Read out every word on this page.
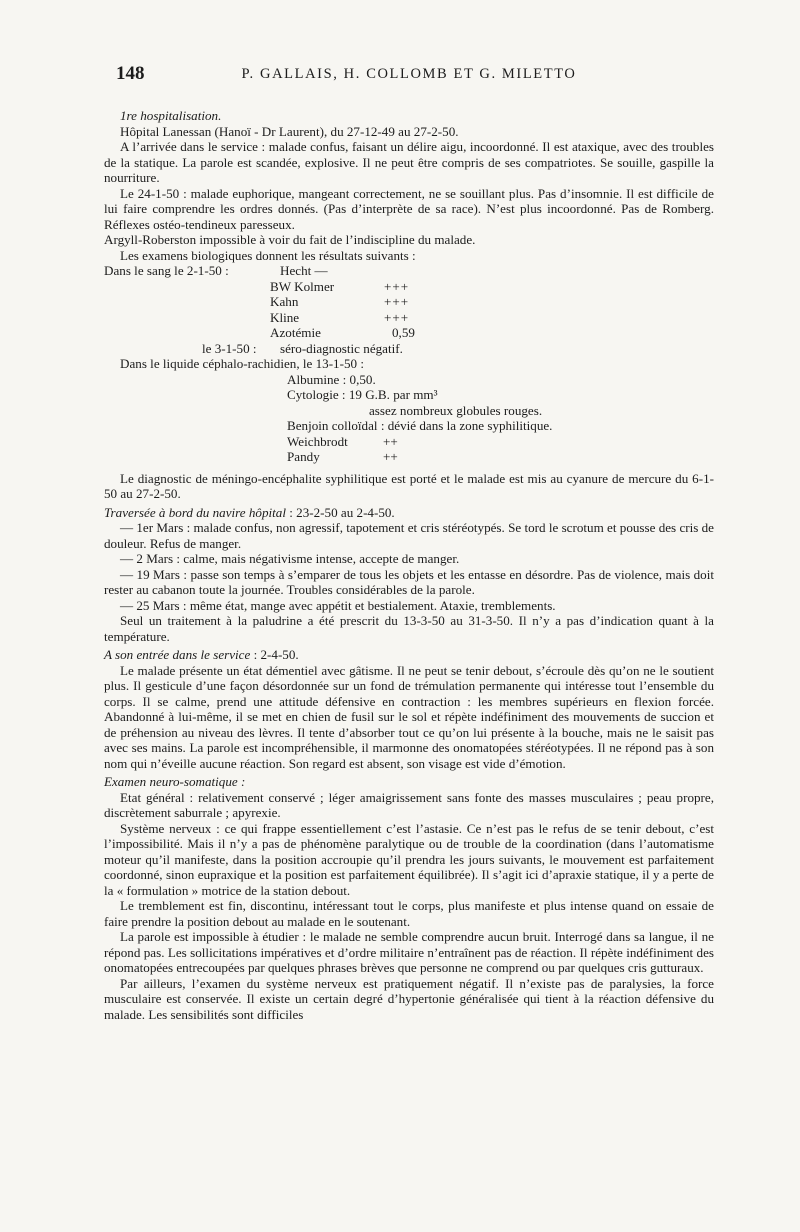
148	P. GALLAIS, H. COLLOMB ET G. MILETTO

1re hospitalisation.

Hôpital Lanessan (Hanoï - Dr Laurent), du 27-12-49 au 27-2-50.

A l’arrivée dans le service : malade confus, faisant un délire aigu, incoordonné. Il est ataxique, avec des troubles de la statique. La parole est scandée, explosive. Il ne peut être compris de ses compatriotes. Se souille, gaspille la nourriture.

Le 24-1-50 : malade euphorique, mangeant correctement, ne se souillant plus. Pas d’insomnie. Il est difficile de lui faire comprendre les ordres donnés. (Pas d’interprète de sa race). N’est plus incoordonné. Pas de Romberg. Réflexes ostéo-tendineux paresseux.

Argyll-Roberston impossible à voir du fait de l’indiscipline du malade.

Les examens biologiques donnent les résultats suivants :

Dans le sang le 2-1-50 :	Hecht —
BW Kolmer	+++
Kahn	+++
Kline	+++
Azotémie	0,59
le 3-1-50 : séro-diagnostic négatif.

Dans le liquide céphalo-rachidien, le 13-1-50 :

Albumine : 0,50.
Cytologie : 19 G.B. par mm³
assez nombreux globules rouges.
Benjoin colloïdal : dévié dans la zone syphilitique.
Weichbrodt	++
Pandy	++

Le diagnostic de méningo-encéphalite syphilitique est porté et le malade est mis au cyanure de mercure du 6-1-50 au 27-2-50.

Traversée à bord du navire hôpital : 23-2-50 au 2-4-50.

— 1er Mars : malade confus, non agressif, tapotement et cris stéréotypés. Se tord le scrotum et pousse des cris de douleur. Refus de manger.

— 2 Mars : calme, mais négativisme intense, accepte de manger.

— 19 Mars : passe son temps à s’emparer de tous les objets et les entasse en désordre. Pas de violence, mais doit rester au cabanon toute la journée. Troubles considérables de la parole.

— 25 Mars : même état, mange avec appétit et bestialement. Ataxie, tremblements.

Seul un traitement à la paludrine a été prescrit du 13-3-50 au 31-3-50. Il n’y a pas d’indication quant à la température.

A son entrée dans le service : 2-4-50.

Le malade présente un état démentiel avec gâtisme. Il ne peut se tenir debout, s’écroule dès qu’on ne le soutient plus. Il gesticule d’une façon désordonnée sur un fond de trémulation permanente qui intéresse tout l’ensemble du corps. Il se calme, prend une attitude défensive en contraction : les membres supérieurs en flexion forcée. Abandonné à lui-même, il se met en chien de fusil sur le sol et répète indéfiniment des mouvements de succion et de préhension au niveau des lèvres. Il tente d’absorber tout ce qu’on lui présente à la bouche, mais ne le saisit pas avec ses mains. La parole est incompréhensible, il marmonne des onomatopées stéréotypées. Il ne répond pas à son nom qui n’éveille aucune réaction. Son regard est absent, son visage est vide d’émotion.

Examen neuro-somatique :

Etat général : relativement conservé ; léger amaigrissement sans fonte des masses musculaires ; peau propre, discrètement saburrale ; apyrexie.

Système nerveux : ce qui frappe essentiellement c’est l’astasie. Ce n’est pas le refus de se tenir debout, c’est l’impossibilité. Mais il n’y a pas de phénomène paralytique ou de trouble de la coordination (dans l’automatisme moteur qu’il manifeste, dans la position accroupie qu’il prendra les jours suivants, le mouvement est parfaitement coordonné, sinon eupraxique et la position est parfaitement équilibrée). Il s’agit ici d’apraxie statique, il y a perte de la « formulation » motrice de la station debout.

Le tremblement est fin, discontinu, intéressant tout le corps, plus manifeste et plus intense quand on essaie de faire prendre la position debout au malade en le soutenant.

La parole est impossible à étudier : le malade ne semble comprendre aucun bruit. Interrogé dans sa langue, il ne répond pas. Les sollicitations impératives et d’ordre militaire n’entraînent pas de réaction. Il répète indéfiniment des onomatopées entrecoupées par quelques phrases brèves que personne ne comprend ou par quelques cris gutturaux.

Par ailleurs, l’examen du système nerveux est pratiquement négatif. Il n’existe pas de paralysies, la force musculaire est conservée. Il existe un certain degré d’hypertonie généralisée qui tient à la réaction défensive du malade. Les sensibilités sont difficiles
